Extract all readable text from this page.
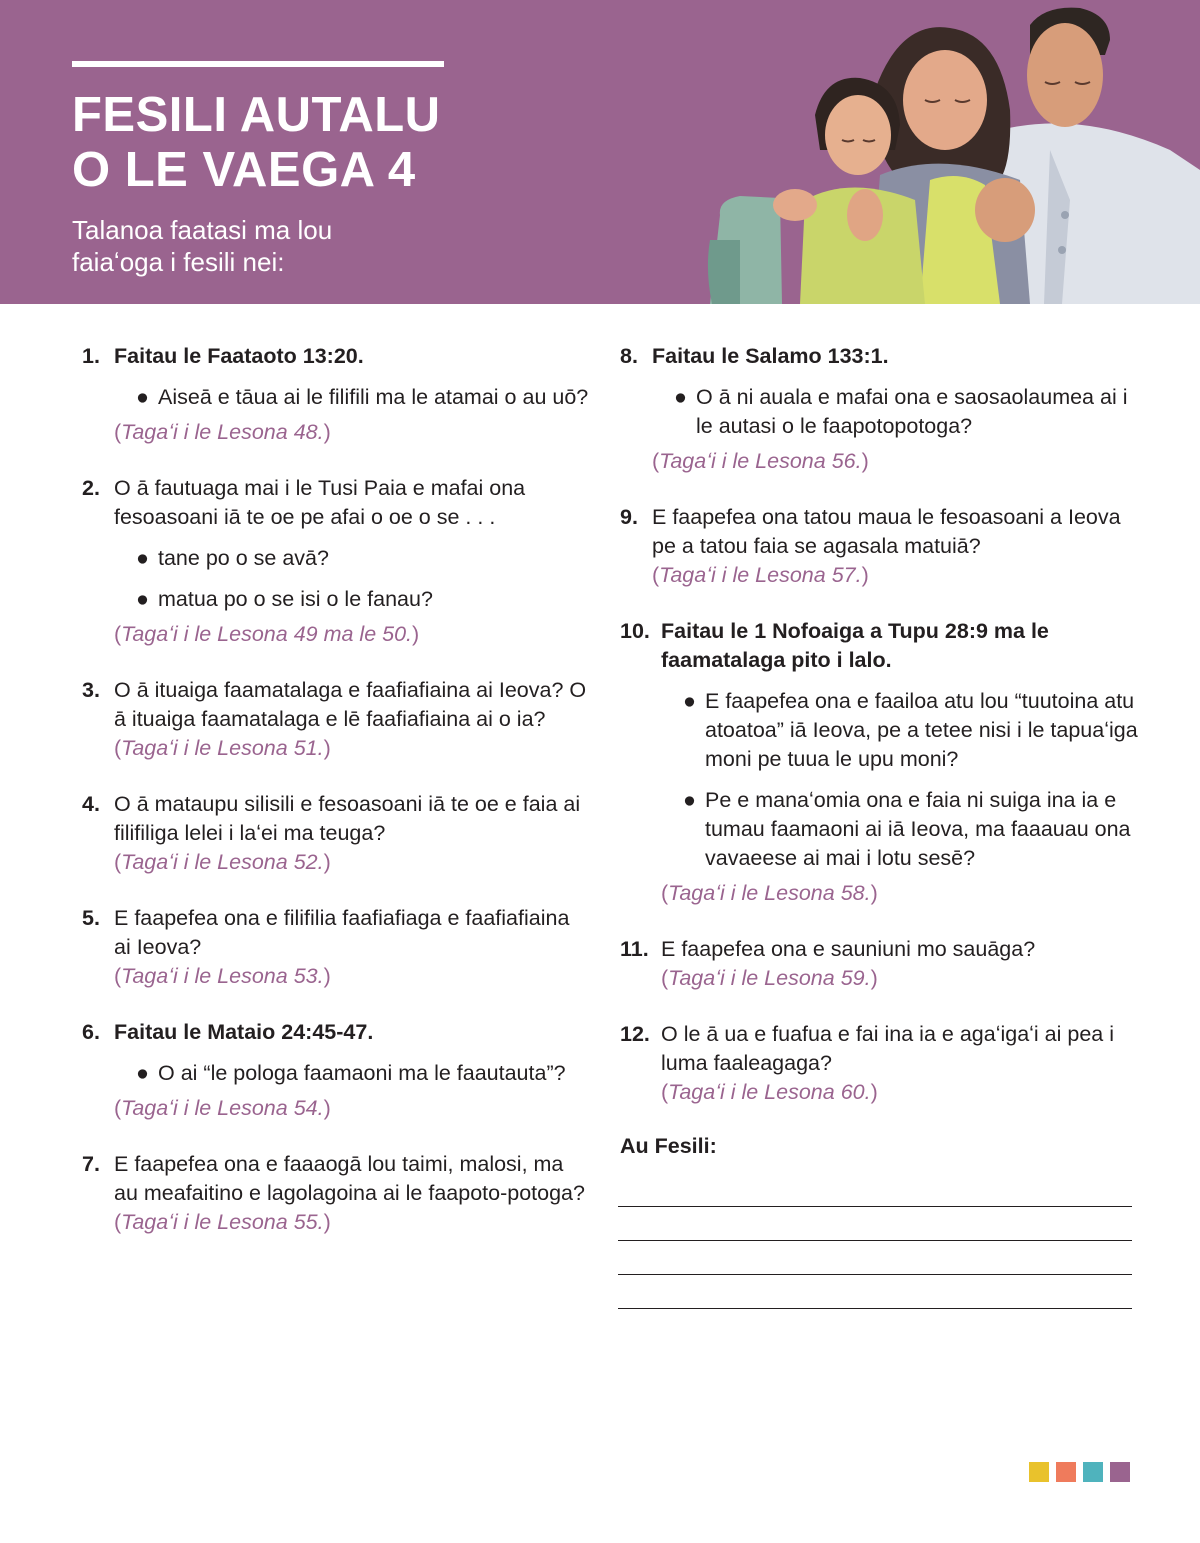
FESILI AUTALU
O LE VAEGA 4

Talanoa faatasi ma lou faiaʻoga i fesili nei:

1. Faitau le Faataoto 13:20.
● Aiseā e tāua ai le filifili ma le atamai o au uō?
(Tagaʻi i le Lesona 48.)
2. O ā fautuaga mai i le Tusi Paia e mafai ona fesoasoani iā te oe pe afai o oe o se . . .
● tane po o se avā?
● matua po o se isi o le fanau?
(Tagaʻi i le Lesona 49 ma le 50.)
3. O ā ituaiga faamatalaga e faafiafiaina ai Ieova? O ā ituaiga faamatalaga e lē faafiafiaina ai o ia?
(Tagaʻi i le Lesona 51.)
4. O ā mataupu silisili e fesoasoani iā te oe e faia ai filifiliga lelei i laʻei ma teuga?
(Tagaʻi i le Lesona 52.)
5. E faapefea ona e filifilia faafiafiaga e faafiafiaina ai Ieova?
(Tagaʻi i le Lesona 53.)
6. Faitau le Mataio 24:45-47.
● O ai “le pologa faamaoni ma le faautauta”?
(Tagaʻi i le Lesona 54.)
7. E faapefea ona e faaaogā lou taimi, malosi, ma au meafaitino e lagolagoina ai le faapoto-potoga?
(Tagaʻi i le Lesona 55.)
8. Faitau le Salamo 133:1.
● O ā ni auala e mafai ona e saosaolaumea ai i le autasi o le faapotopotoga?
(Tagaʻi i le Lesona 56.)
9. E faapefea ona tatou maua le fesoasoani a Ieova pe a tatou faia se agasala matuiā?
(Tagaʻi i le Lesona 57.)
10. Faitau le 1 Nofoaiga a Tupu 28:9 ma le faamatalaga pito i lalo.
● E faapefea ona e faailoa atu lou “tuutoina atu atoatoa” iā Ieova, pe a tetee nisi i le tapuaʻiga moni pe tuua le upu moni?
● Pe e manaʻomia ona e faia ni suiga ina ia e tumau faamaoni ai iā Ieova, ma faaauau ona vavaeese ai mai i lotu sesē?
(Tagaʻi i le Lesona 58.)
11. E faapefea ona e sauniuni mo sauāga?
(Tagaʻi i le Lesona 59.)
12. O le ā ua e fuafua e fai ina ia e agaʻigaʻi ai pea i luma faaleagaga?
(Tagaʻi i le Lesona 60.)
Au Fesili:
